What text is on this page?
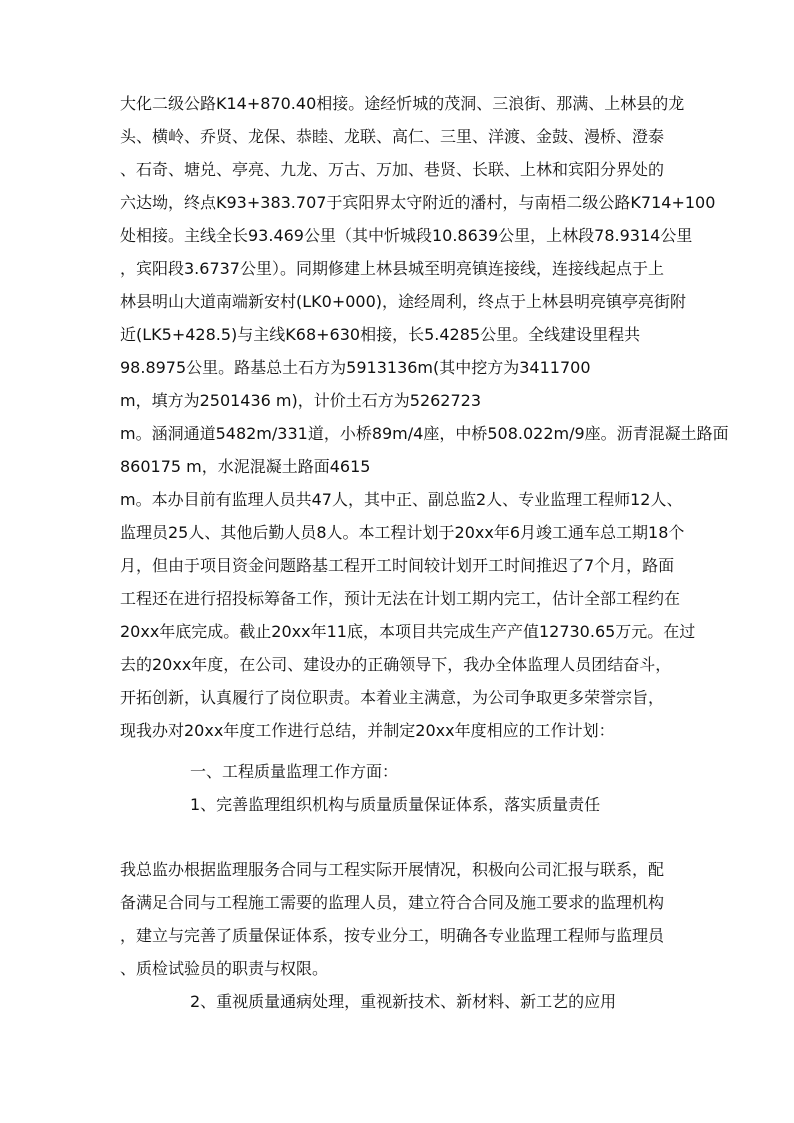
大化二级公路K14+870.40相接。途经忻城的茂洞、三浪街、那满、上林县的龙
头、横岭、乔贤、龙保、恭睦、龙联、高仁、三里、洋渡、金鼓、漫桥、澄泰
、石奇、塘兑、亭亮、九龙、万古、万加、巷贤、长联、上林和宾阳分界处的
六达坳，终点K93+383.707于宾阳界太守附近的潘村，与南梧二级公路K714+100
处相接。主线全长93.469公里（其中忻城段10.8639公里，上林段78.9314公里
，宾阳段3.6737公里）。同期修建上林县城至明亮镇连接线，连接线起点于上
林县明山大道南端新安村(LK0+000)，途经周利，终点于上林县明亮镇亭亮街附
近(LK5+428.5)与主线K68+630相接，长5.4285公里。全线建设里程共
98.8975公里。路基总土石方为5913136m(其中挖方为3411700
m，填方为2501436 m)，计价土石方为5262723
m。涵洞通道5482m/331道，小桥89m/4座，中桥508.022m/9座。沥青混凝土路面
860175 m，水泥混凝土路面4615
m。本办目前有监理人员共47人，其中正、副总监2人、专业监理工程师12人、
监理员25人、其他后勤人员8人。本工程计划于20xx年6月竣工通车总工期18个
月，但由于项目资金问题路基工程开工时间较计划开工时间推迟了7个月，路面
工程还在进行招投标筹备工作，预计无法在计划工期内完工，估计全部工程约在
20xx年底完成。截止20xx年11底，本项目共完成生产产值12730.65万元。在过
去的20xx年度，在公司、建设办的正确领导下，我办全体监理人员团结奋斗，
开拓创新，认真履行了岗位职责。本着业主满意，为公司争取更多荣誉宗旨，
现我办对20xx年度工作进行总结，并制定20xx年度相应的工作计划：
一、工程质量监理工作方面：
1、完善监理组织机构与质量质量保证体系，落实质量责任
我总监办根据监理服务合同与工程实际开展情况，积极向公司汇报与联系，配
备满足合同与工程施工需要的监理人员，建立符合合同及施工要求的监理机构
，建立与完善了质量保证体系，按专业分工，明确各专业监理工程师与监理员
、质检试验员的职责与权限。
2、重视质量通病处理，重视新技术、新材料、新工艺的应用
